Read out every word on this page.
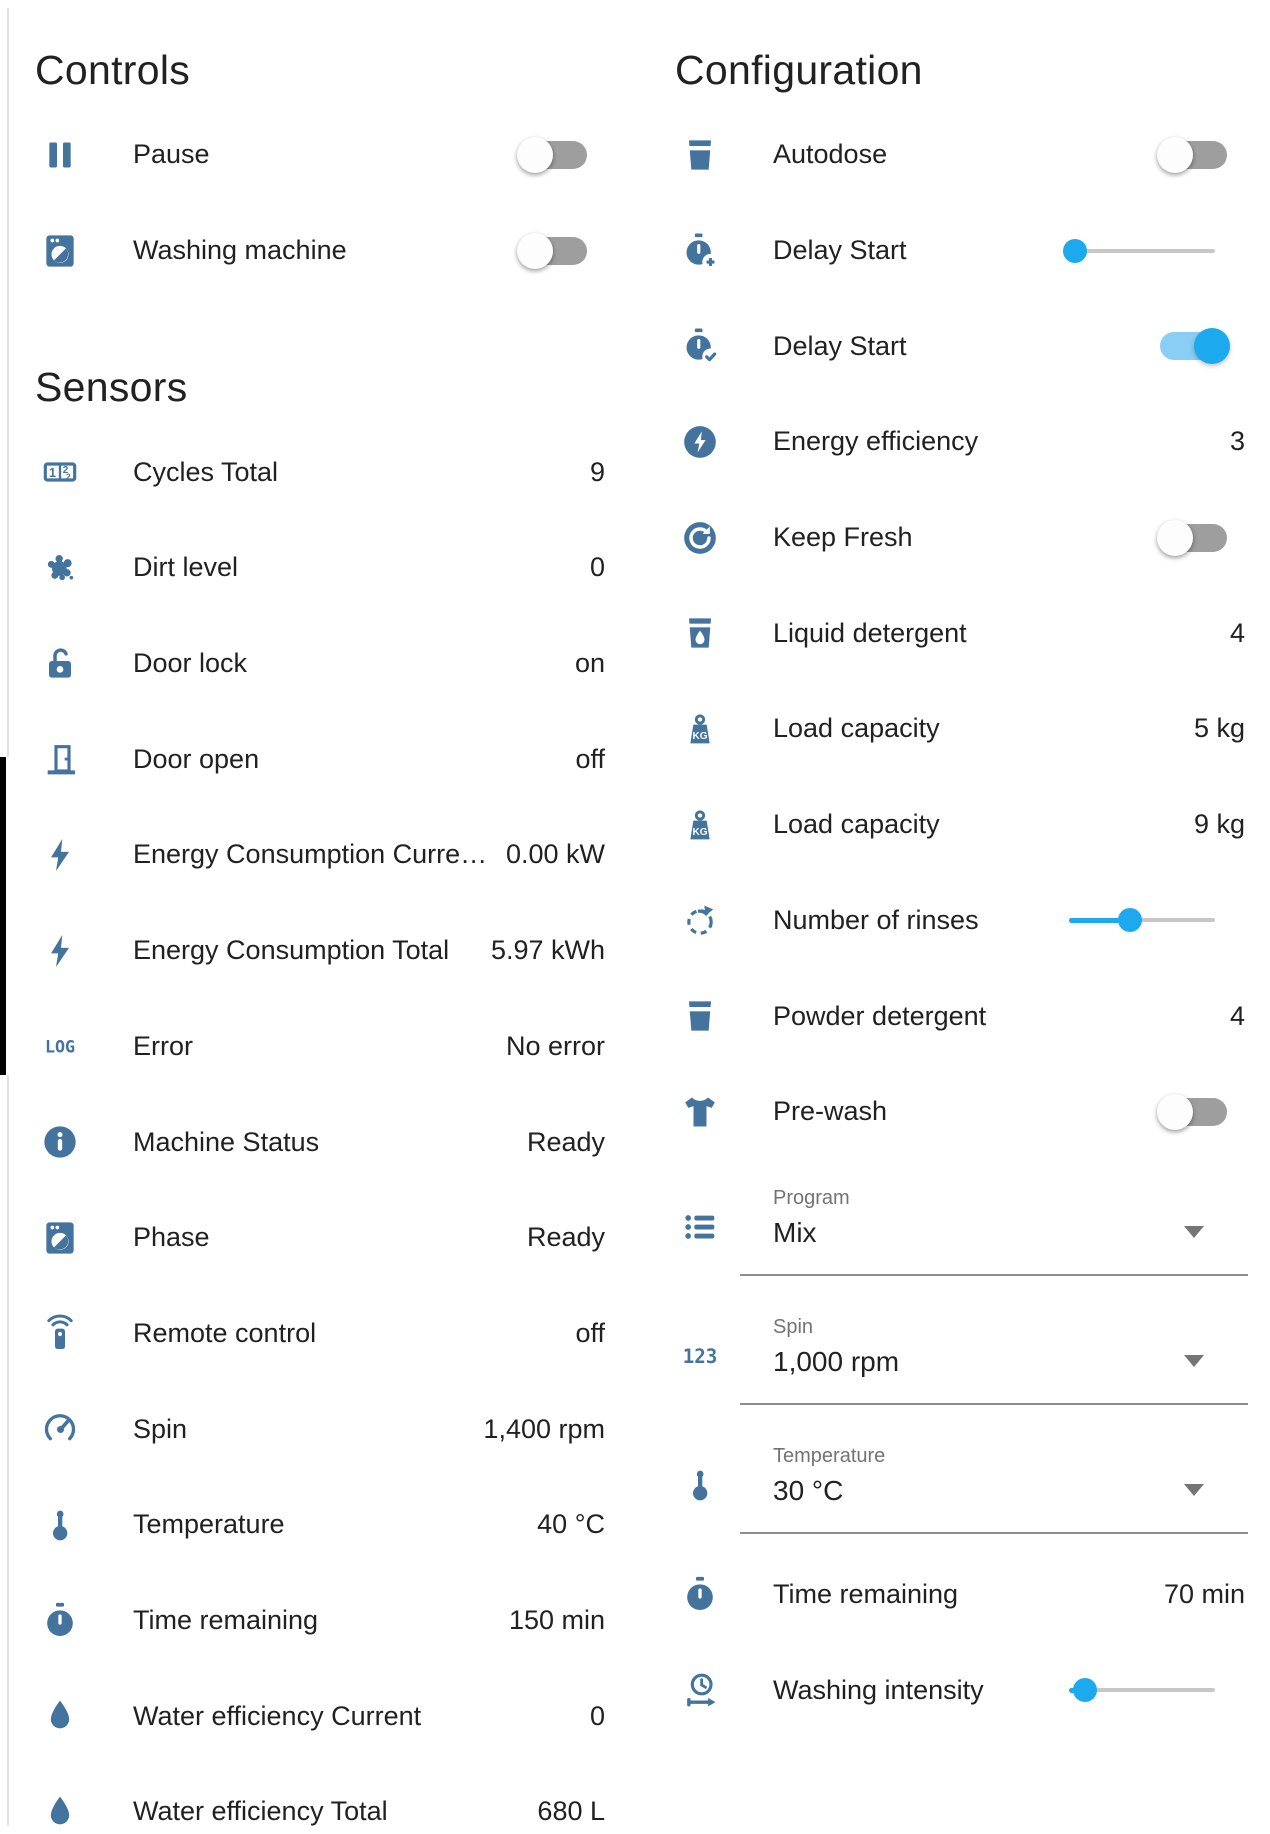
Controls
Pause
Washing machine
Sensors
1 2
2 Cycles Total	9
Dirt level	0
Door lock	on
Door open	off
Energy Consumption Curre… 0.00 kW
Energy Consumption Total	5.97 kWh
LOG Error	No error
Machine Status	Ready
Phase	Ready
Remote control	off
Spin	1,400 rpm
Temperature	40 °C
Time remaining	150 min
Water efficiency Current	0
Water efficiency Total	680 L
Configuration
Autodose
Delay Start
Delay Start
Energy efficiency	3
Keep Fresh
Liquid detergent	4
KG Load capacity	5 kg
KG Load capacity	9 kg
Number of rinses
Powder detergent	4
Pre-wash
Program
Mix
123
Spin
1,000 rpm
Temperature
30 °C
Time remaining	70 min
Washing intensity
